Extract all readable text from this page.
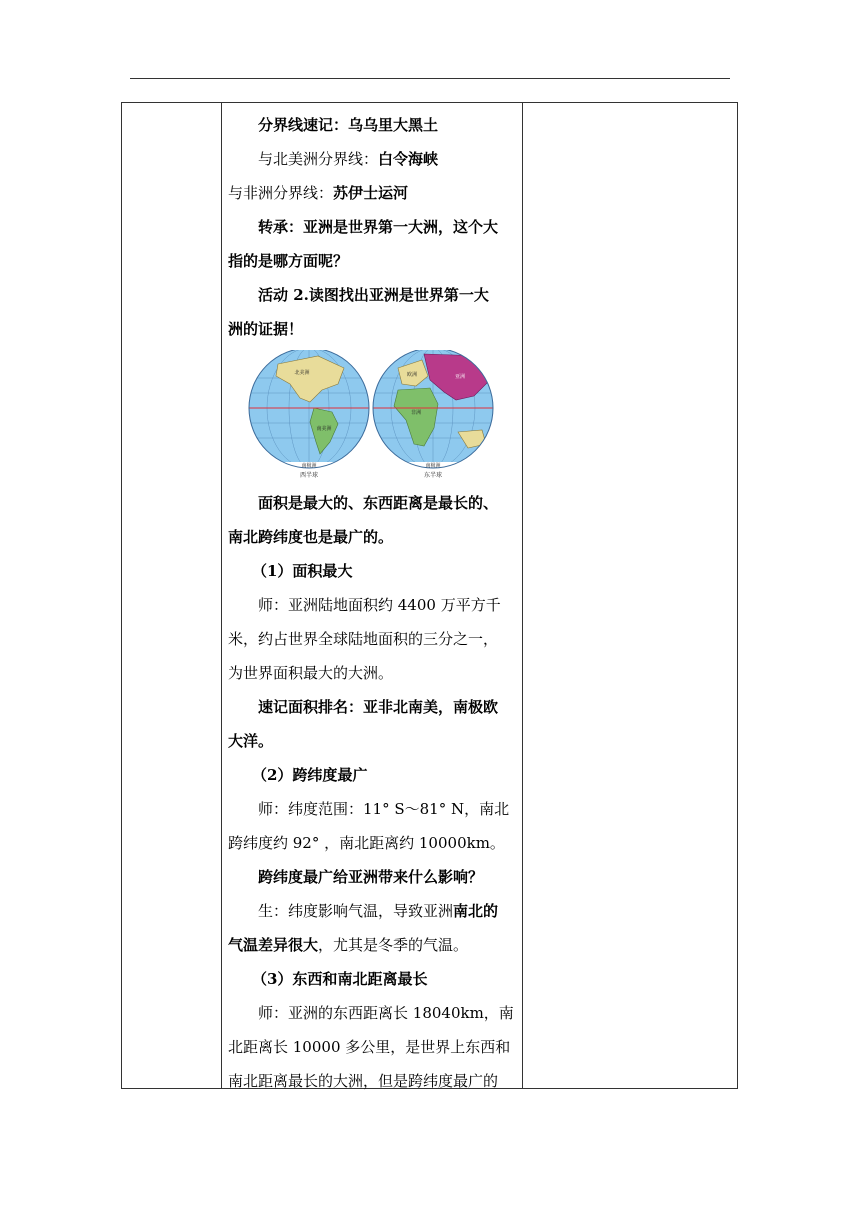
分界线速记：乌乌里大黑土
与北美洲分界线：白令海峡
与非洲分界线：苏伊士运河
转承：亚洲是世界第一大洲，这个大
指的是哪方面呢？
活动 2.读图找出亚洲是世界第一大
洲的证据！
北美洲
南美洲
亚洲
非洲
欧洲
南极洲	南极洲
西半球	东半球
面积是最大的、东西距离是最长的、
南北跨纬度也是最广的。
（1）面积最大
师：亚洲陆地面积约 4400 万平方千
米，约占世界全球陆地面积的三分之一，
为世界面积最大的大洲。
速记面积排名：亚非北南美，南极欧
大洋。
（2）跨纬度最广
师：纬度范围：11° S～81° N，南北
跨纬度约 92° ，南北距离约 10000km。
跨纬度最广给亚洲带来什么影响？
生：纬度影响气温，导致亚洲南北的
气温差异很大，尤其是冬季的气温。
（3）东西和南北距离最长
师：亚洲的东西距离长 18040km，南
北距离长 10000 多公里，是世界上东西和
南北距离最长的大洲，但是跨纬度最广的
